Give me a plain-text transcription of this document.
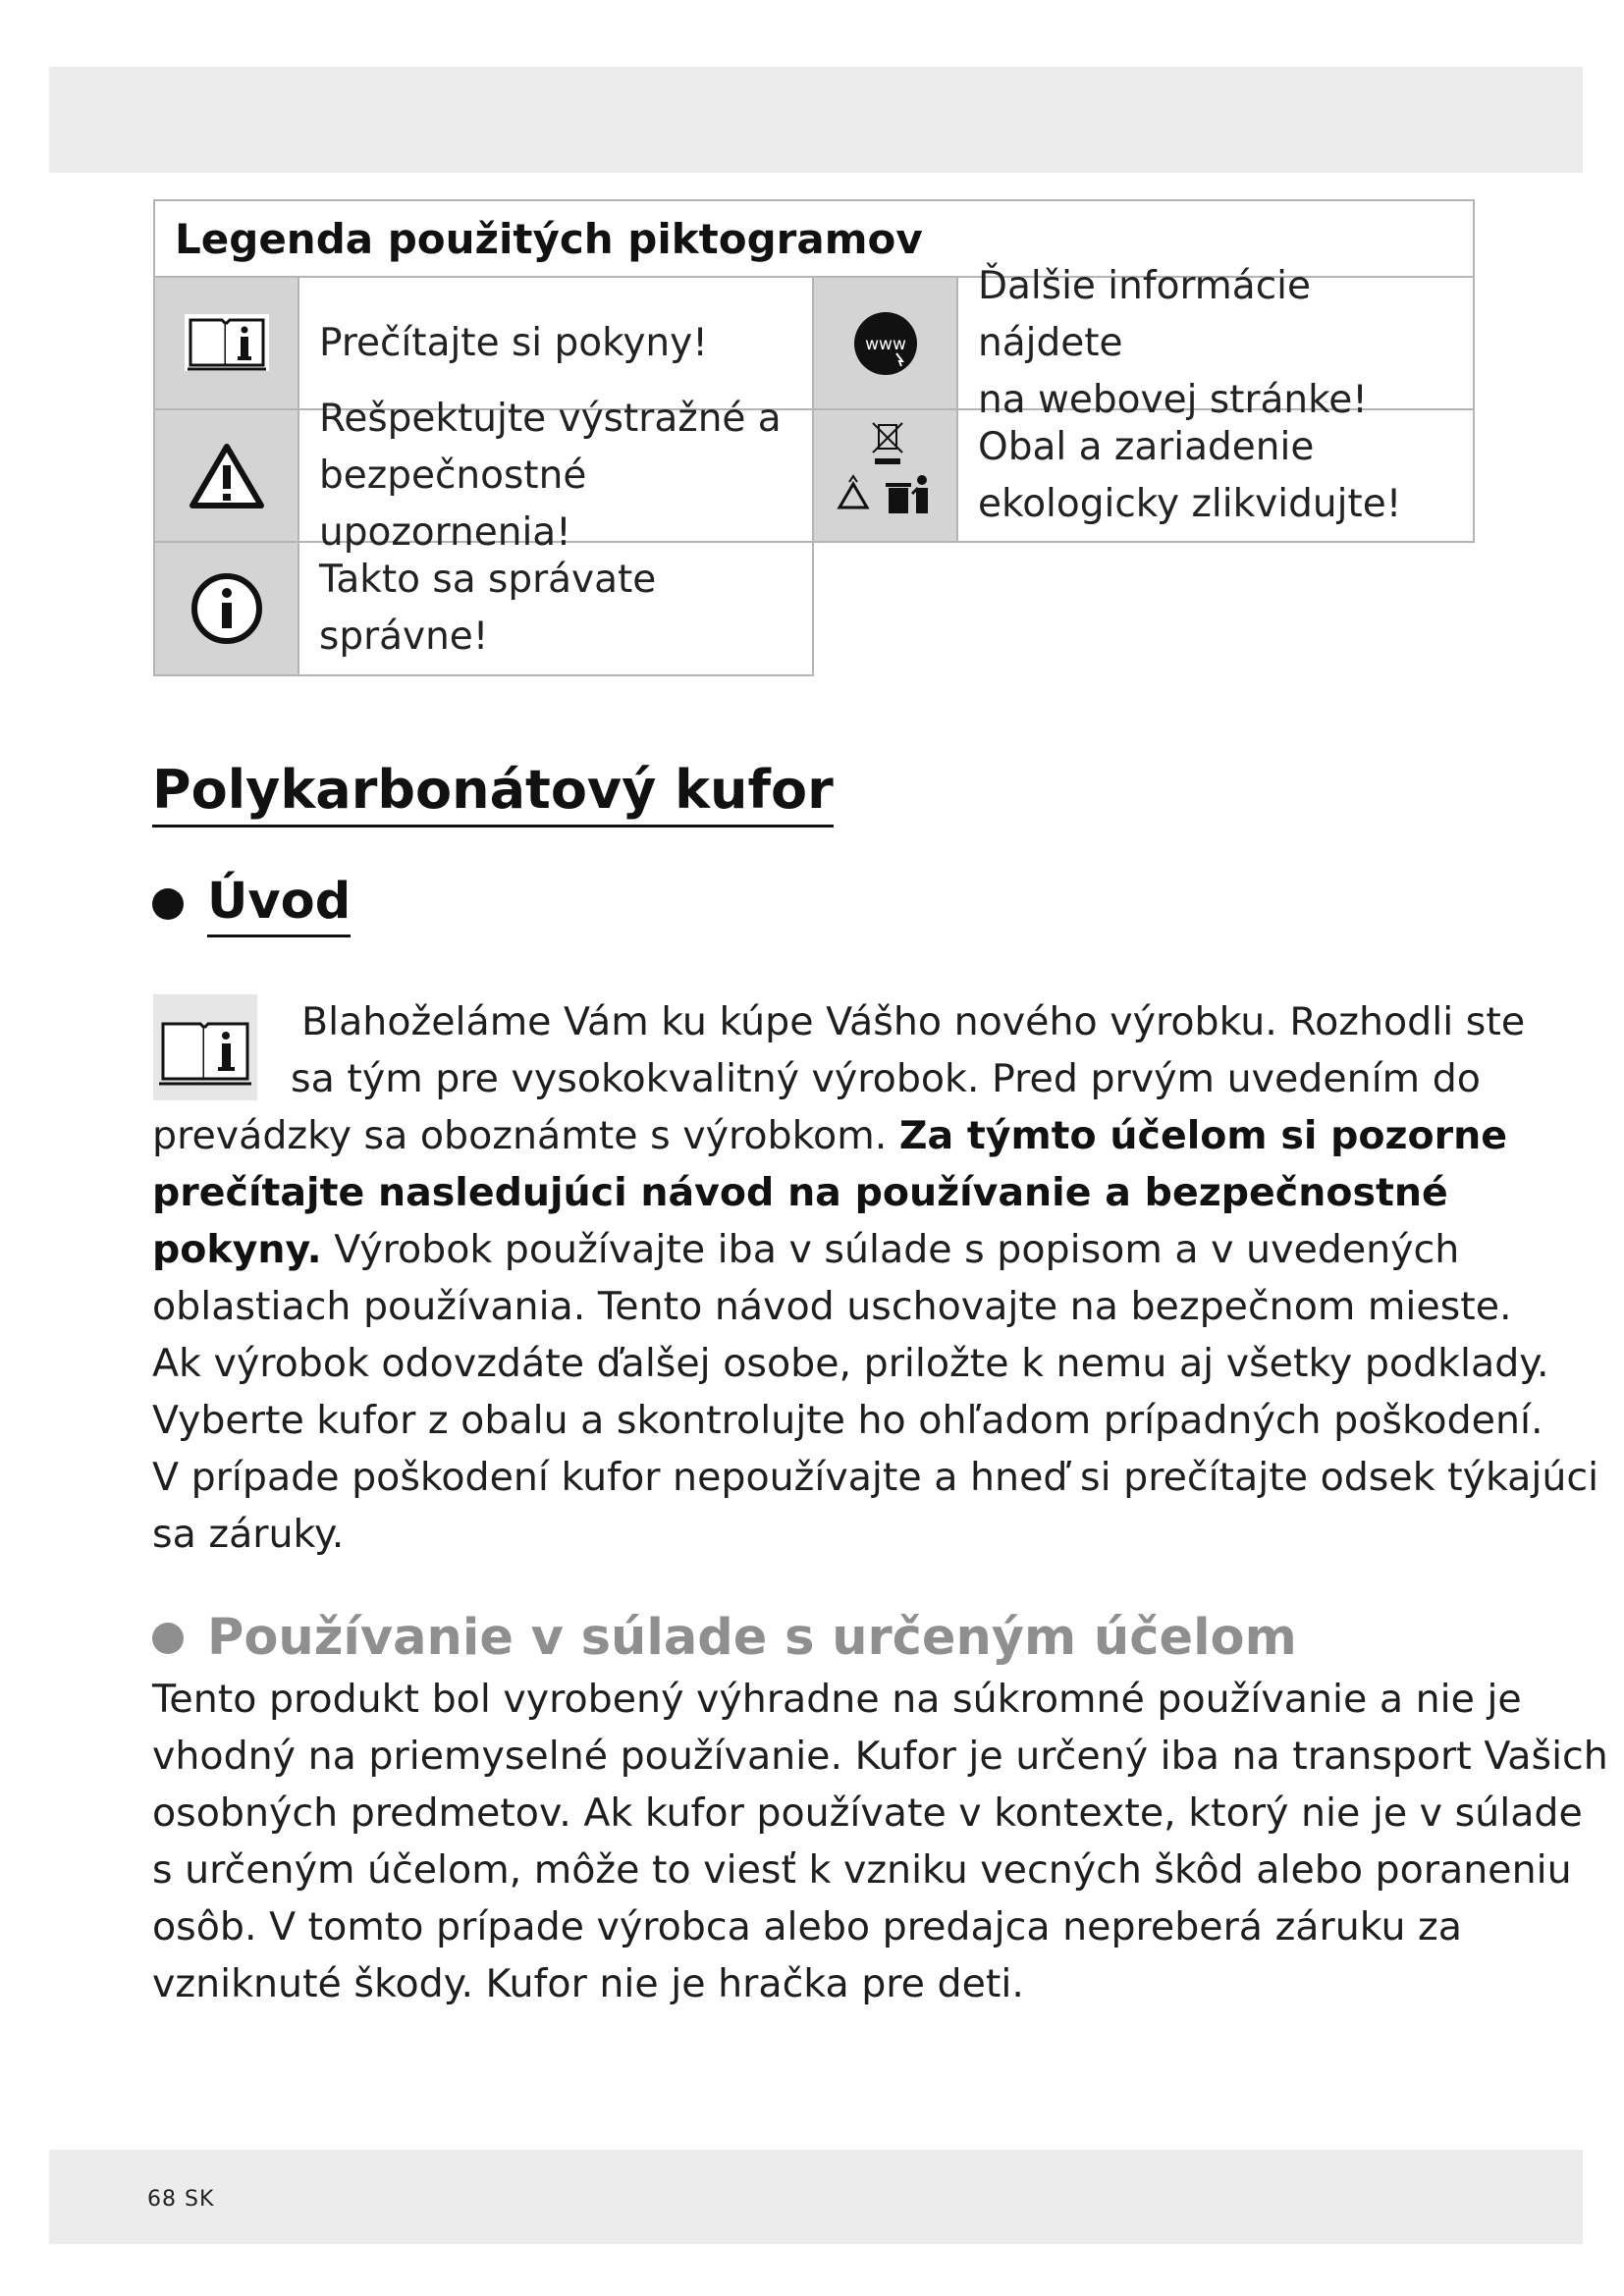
Legenda použitých piktogramov
Prečítajte si pokyny!	www
Ďalšie informácie nájdete
na webovej stránke!
Rešpektujte výstražné a
bezpečnostné upozornenia!
Obal a zariadenie
ekologicky zlikvidujte!
Takto sa správate
správne!
Polykarbonátový kufor
Úvod
Blahoželáme Vám ku kúpe Vášho nového výrobku. Rozhodli ste
sa tým pre vysokokvalitný výrobok. Pred prvým uvedením do
prevádzky sa oboznámte s výrobkom. Za týmto účelom si pozorne
prečítajte nasledujúci návod na používanie a bezpečnostné
pokyny. Výrobok používajte iba v súlade s popisom a v uvedených
oblastiach používania. Tento návod uschovajte na bezpečnom mieste.
Ak výrobok odovzdáte ďalšej osobe, priložte k nemu aj všetky podklady.
Vyberte kufor z obalu a skontrolujte ho ohľadom prípadných poškodení.
V prípade poškodení kufor nepoužívajte a hneď si prečítajte odsek týkajúci
sa záruky.
Používanie v súlade s určeným účelom
Tento produkt bol vyrobený výhradne na súkromné používanie a nie je
vhodný na priemyselné používanie. Kufor je určený iba na transport Vašich
osobných predmetov. Ak kufor používate v kontexte, ktorý nie je v súlade
s určeným účelom, môže to viesť k vzniku vecných škôd alebo poraneniu
osôb. V tomto prípade výrobca alebo predajca nepreberá záruku za
vzniknuté škody. Kufor nie je hračka pre deti.
68 SK
